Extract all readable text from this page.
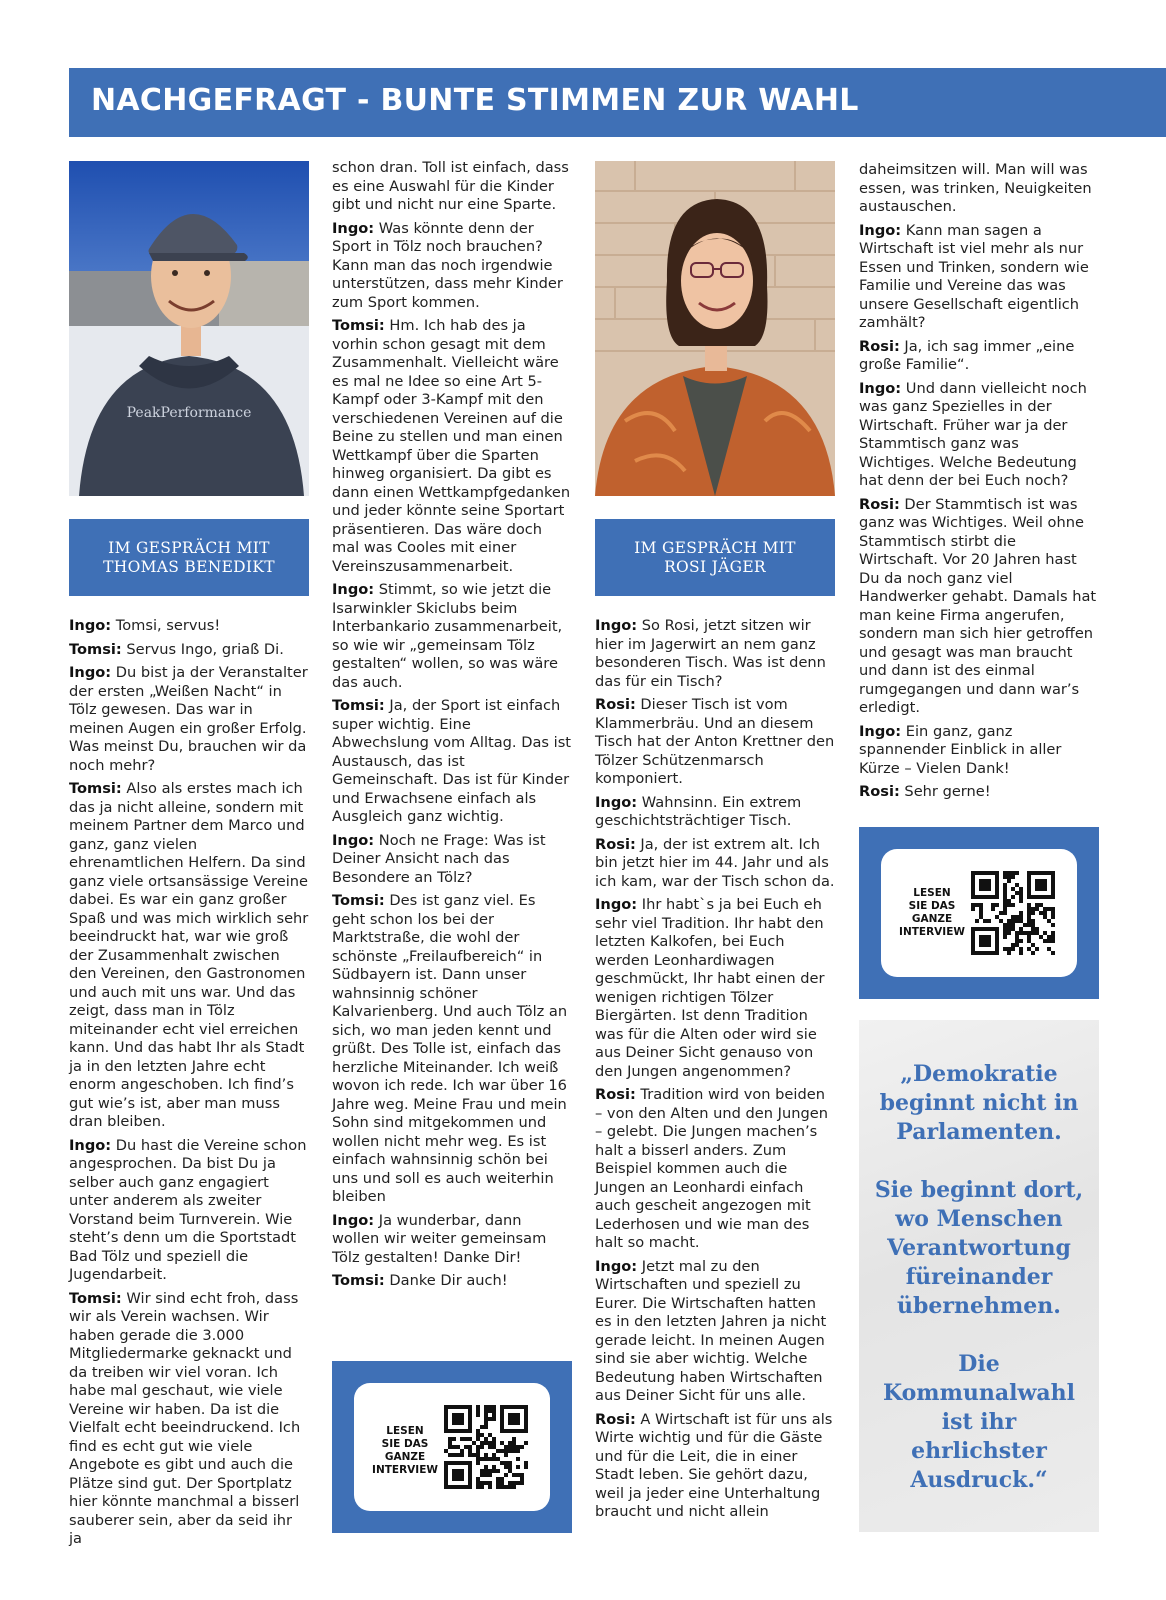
NACHGEFRAGT - BUNTE STIMMEN ZUR WAHL
PeakPerformance
IM GESPRÄCH MIT
THOMAS BENEDIKT

Ingo: Tomsi, servus!

Tomsi: Servus Ingo, griaß Di.

Ingo: Du bist ja der Veranstalter der ersten „Weißen Nacht“ in Tölz gewesen. Das war in meinen Augen ein großer Erfolg. Was meinst Du, brauchen wir da noch mehr?

Tomsi: Also als erstes mach ich das ja nicht alleine, sondern mit meinem Partner dem Marco und ganz, ganz vielen ehrenamtlichen Helfern. Da sind ganz viele ortsansässige Vereine dabei. Es war ein ganz großer Spaß und was mich wirklich sehr beeindruckt hat, war wie groß der Zusammenhalt zwischen den Vereinen, den Gastronomen und auch mit uns war. Und das zeigt, dass man in Tölz miteinander echt viel erreichen kann. Und das habt Ihr als Stadt ja in den letzten Jahre echt enorm angeschoben. Ich find’s gut wie’s ist, aber man muss dran bleiben.

Ingo: Du hast die Vereine schon angesprochen. Da bist Du ja selber auch ganz engagiert unter anderem als zweiter Vorstand beim Turnverein. Wie steht’s denn um die Sportstadt Bad Tölz und speziell die Jugendarbeit.

Tomsi: Wir sind echt froh, dass wir als Verein wachsen. Wir haben gerade die 3.000 Mitgliedermarke geknackt und da treiben wir viel voran. Ich habe mal geschaut, wie viele Vereine wir haben. Da ist die Vielfalt echt beeindruckend. Ich find es echt gut wie viele Angebote es gibt und auch die Plätze sind gut. Der Sportplatz hier könnte manchmal a bisserl sauberer sein, aber da seid ihr ja

schon dran. Toll ist einfach, dass es eine Auswahl für die Kinder gibt und nicht nur eine Sparte.

Ingo: Was könnte denn der Sport in Tölz noch brauchen? Kann man das noch irgendwie unterstützen, dass mehr Kinder zum Sport kommen.

Tomsi: Hm. Ich hab des ja vorhin schon gesagt mit dem Zusammenhalt. Vielleicht wäre es mal ne Idee so eine Art 5-Kampf oder 3-Kampf mit den verschiedenen Vereinen auf die Beine zu stellen und man einen Wettkampf über die Sparten hinweg organisiert. Da gibt es dann einen Wettkampfgedanken und jeder könnte seine Sportart präsentieren. Das wäre doch mal was Cooles mit einer Vereinszusammenarbeit.

Ingo: Stimmt, so wie jetzt die Isarwinkler Skiclubs beim Interbankario zusammenarbeit, so wie wir „gemeinsam Tölz gestalten“ wollen, so was wäre das auch.

Tomsi: Ja, der Sport ist einfach super wichtig. Eine Abwechslung vom Alltag. Das ist Austausch, das ist Gemeinschaft. Das ist für Kinder und Erwachsene einfach als Ausgleich ganz wichtig.

Ingo: Noch ne Frage: Was ist Deiner Ansicht nach das Besondere an Tölz?

Tomsi: Des ist ganz viel. Es geht schon los bei der Marktstraße, die wohl der schönste „Freilaufbereich“ in Südbayern ist. Dann unser wahnsinnig schöner Kalvarienberg. Und auch Tölz an sich, wo man jeden kennt und grüßt. Des Tolle ist, einfach das herzliche Miteinander. Ich weiß wovon ich rede. Ich war über 16 Jahre weg. Meine Frau und mein Sohn sind mitgekommen und wollen nicht mehr weg. Es ist einfach wahnsinnig schön bei uns und soll es auch weiterhin bleiben

Ingo: Ja wunderbar, dann wollen wir weiter gemeinsam Tölz gestalten! Danke Dir!

Tomsi: Danke Dir auch!

LESEN
SIE DAS
GANZE
INTERVIEW
IM GESPRÄCH MIT
ROSI JÄGER

Ingo: So Rosi, jetzt sitzen wir hier im Jagerwirt an nem ganz besonderen Tisch. Was ist denn das für ein Tisch?

Rosi: Dieser Tisch ist vom Klammerbräu. Und an diesem Tisch hat der Anton Krettner den Tölzer Schützenmarsch komponiert.

Ingo: Wahnsinn. Ein extrem geschichtsträchtiger Tisch.

Rosi: Ja, der ist extrem alt. Ich bin jetzt hier im 44. Jahr und als ich kam, war der Tisch schon da.

Ingo: Ihr habt`s ja bei Euch eh sehr viel Tradition. Ihr habt den letzten Kalkofen, bei Euch werden Leonhardiwagen geschmückt, Ihr habt einen der wenigen richtigen Tölzer Biergärten. Ist denn Tradition was für die Alten oder wird sie aus Deiner Sicht genauso von den Jungen angenommen?

Rosi: Tradition wird von beiden – von den Alten und den Jungen – gelebt. Die Jungen machen’s halt a bisserl anders. Zum Beispiel kommen auch die Jungen an Leonhardi einfach auch gescheit angezogen mit Lederhosen und wie man des halt so macht.

Ingo: Jetzt mal zu den Wirtschaften und speziell zu Eurer. Die Wirtschaften hatten es in den letzten Jahren ja nicht gerade leicht. In meinen Augen sind sie aber wichtig. Welche Bedeutung haben Wirtschaften aus Deiner Sicht für uns alle.

Rosi: A Wirtschaft ist für uns als Wirte wichtig und für die Gäste und für die Leit, die in einer Stadt leben. Sie gehört dazu, weil ja jeder eine Unterhaltung braucht und nicht allein

daheimsitzen will. Man will was essen, was trinken, Neuigkeiten austauschen.

Ingo: Kann man sagen a Wirtschaft ist viel mehr als nur Essen und Trinken, sondern wie Familie und Vereine das was unsere Gesellschaft eigentlich zamhält?

Rosi: Ja, ich sag immer „eine große Familie“.

Ingo: Und dann vielleicht noch was ganz Spezielles in der Wirtschaft. Früher war ja der Stammtisch ganz was Wichtiges. Welche Bedeutung hat denn der bei Euch noch?

Rosi: Der Stammtisch ist was ganz was Wichtiges. Weil ohne Stammtisch stirbt die Wirtschaft. Vor 20 Jahren hast Du da noch ganz viel Handwerker gehabt. Damals hat man keine Firma angerufen, sondern man sich hier getroffen und gesagt was man braucht und dann ist des einmal rumgegangen und dann war’s erledigt.

Ingo: Ein ganz, ganz spannender Einblick in aller Kürze – Vielen Dank!

Rosi: Sehr gerne!

LESEN
SIE DAS
GANZE
INTERVIEW

„Demokratie beginnt nicht in Parlamenten.

Sie beginnt dort, wo Menschen Verantwortung füreinander übernehmen.

Die Kommunalwahl ist ihr ehrlichster Ausdruck.“
